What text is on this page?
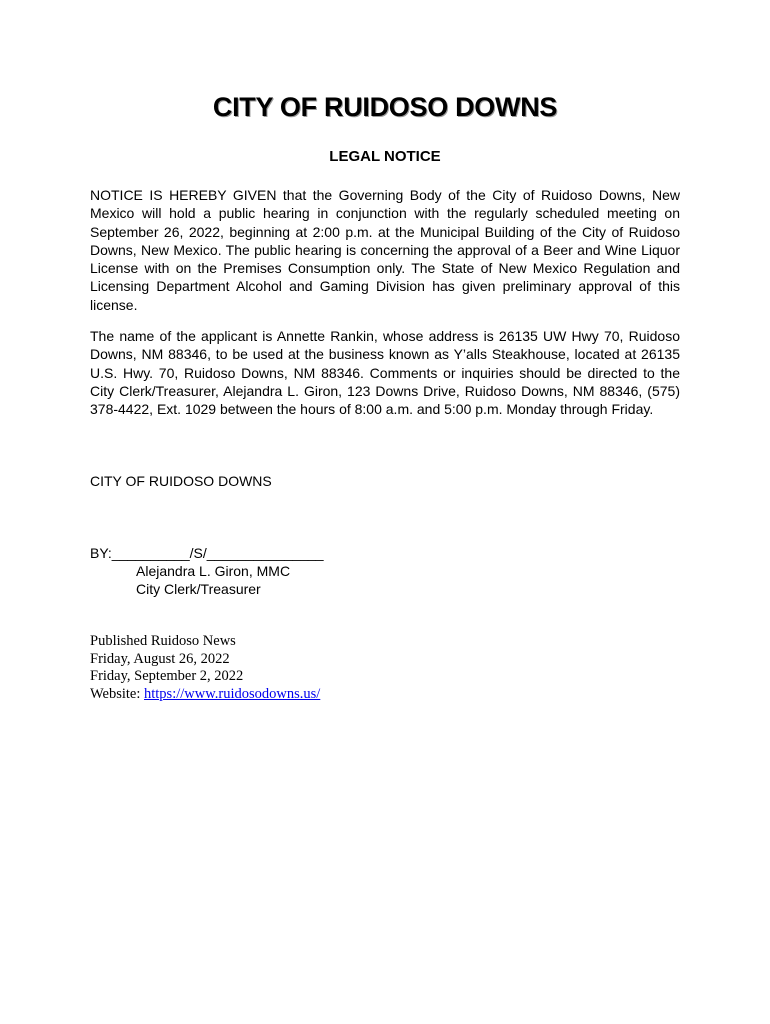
CITY OF RUIDOSO DOWNS
LEGAL NOTICE
NOTICE IS HEREBY GIVEN that the Governing Body of the City of Ruidoso Downs, New Mexico will hold a public hearing in conjunction with the regularly scheduled meeting on September 26, 2022, beginning at 2:00 p.m. at the Municipal Building of the City of Ruidoso Downs, New Mexico. The public hearing is concerning the approval of a Beer and Wine Liquor License with on the Premises Consumption only. The State of New Mexico Regulation and Licensing Department Alcohol and Gaming Division has given preliminary approval of this license.
The name of the applicant is Annette Rankin, whose address is 26135 UW Hwy 70, Ruidoso Downs, NM 88346, to be used at the business known as Y’alls Steakhouse, located at 26135 U.S. Hwy. 70, Ruidoso Downs, NM 88346. Comments or inquiries should be directed to the City Clerk/Treasurer, Alejandra L. Giron, 123 Downs Drive, Ruidoso Downs, NM 88346, (575) 378-4422, Ext. 1029 between the hours of 8:00 a.m. and 5:00 p.m. Monday through Friday.
CITY OF RUIDOSO DOWNS
BY:__________/S/_______________
Alejandra L. Giron, MMC
City Clerk/Treasurer
Published Ruidoso News
Friday, August 26, 2022
Friday, September 2, 2022
Website: https://www.ruidosodowns.us/
